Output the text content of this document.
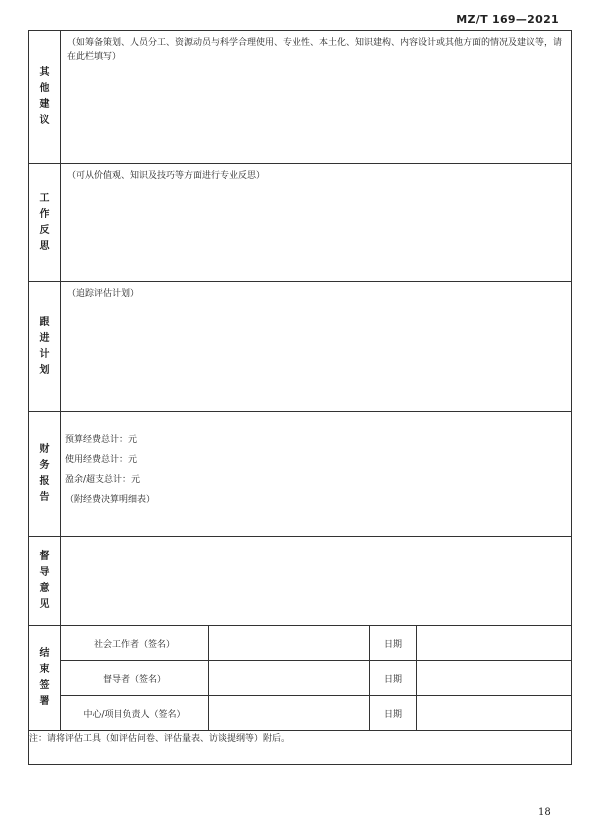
MZ/T 169—2021
其他建议	（如筹备策划、人员分工、资源动员与科学合理使用、专业性、本土化、知识建构、内容设计或其他方面的情况及建议等，请在此栏填写）			

工作反思	（可从价值观、知识及技巧等方面进行专业反思）			

跟进计划	（追踪评估计划）			

财务报告	预算经费总计：元
使用经费总计：元
盈余/超支总计：元
（附经费决算明细表）			

督导意见				
结束签署	社会工作者（签名）		日期	
	督导者（签名）		日期	
	中心/项目负责人（签名）		日期	
注：请将评估工具（如评估问卷、评估量表、访谈提纲等）附后。				
18
